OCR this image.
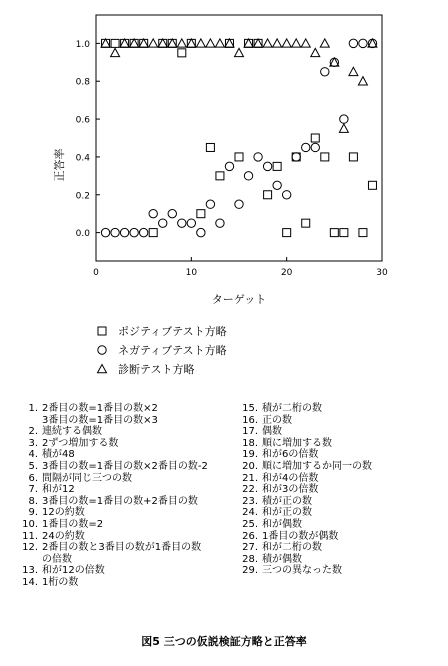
0.0
0.2
0.4
0.6
0.8
1.0
0	10	20	30
正答率
ターゲット
ポジティブテスト方略
ネガティブテスト方略
診断テスト方略
1. 2番目の数=1番目の数×2
3番目の数=1番目の数×3
2. 連続する偶数
3. 2ずつ増加する数
4. 積が48
5. 3番目の数=1番目の数×2番目の数-2
6. 間隔が同じ三つの数
7. 和が12
8. 3番目の数=1番目の数+2番目の数
9. 12の約数
10. 1番目の数=2
11. 24の約数
12. 2番目の数と3番目の数が1番目の数
の倍数
13. 和が12の倍数
14. 1桁の数
15. 積が二桁の数
16. 正の数
17. 偶数
18. 順に増加する数
19. 和が6の倍数
20. 順に増加するか同一の数
21. 和が4の倍数
22. 和が3の倍数
23. 積が正の数
24. 和が正の数
25. 和が偶数
26. 1番目の数が偶数
27. 和が二桁の数
28. 積が偶数
29. 三つの異なった数
図5 三つの仮説検証方略と正答率
